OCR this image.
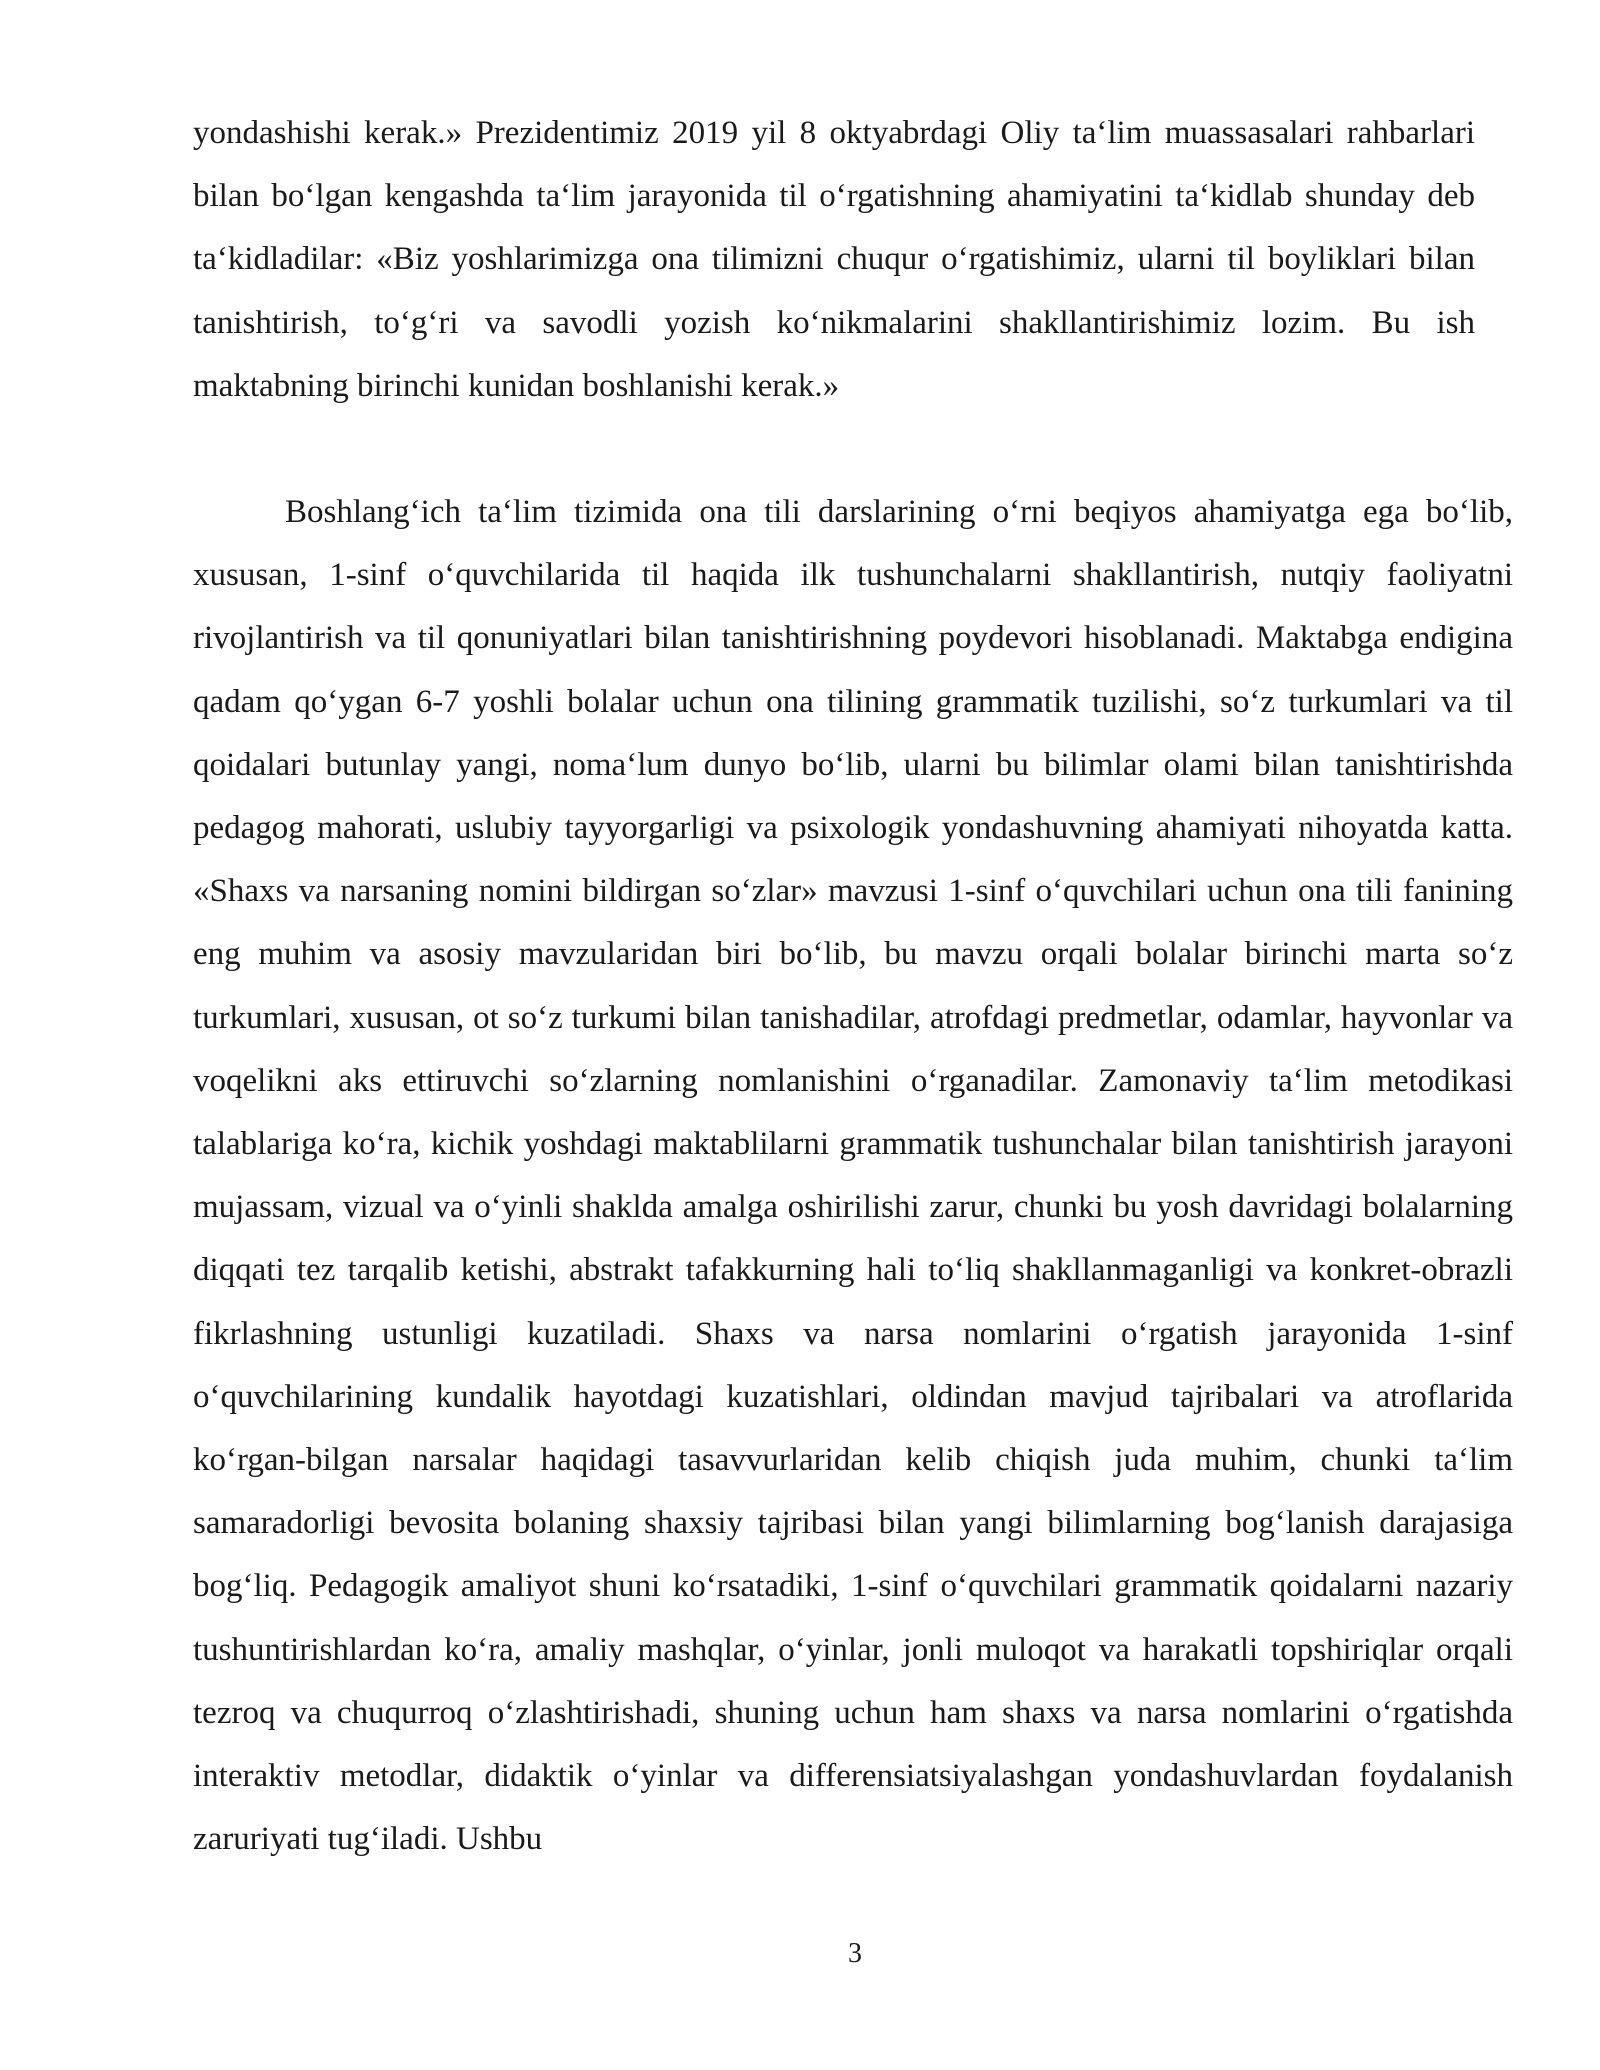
yondashishi kerak.» Prezidentimiz 2019 yil 8 oktyabrdagi Oliy ta‘lim muassasalari rahbarlari bilan bo‘lgan kengashda ta‘lim jarayonida til o‘rgatishning ahamiyatini ta‘kidlab shunday deb ta‘kidladilar: «Biz yoshlarimizga ona tilimizni chuqur o‘rgatishimiz, ularni til boyliklari bilan tanishtirish, to‘g‘ri va savodli yozish ko‘nikmalarini shakllantirishimiz lozim. Bu ish maktabning birinchi kunidan boshlanishi kerak.»

Boshlang‘ich ta‘lim tizimida ona tili darslarining o‘rni beqiyos ahamiyatga ega bo‘lib, xususan, 1-sinf o‘quvchilarida til haqida ilk tushunchalarni shakllantirish, nutqiy faoliyatni rivojlantirish va til qonuniyatlari bilan tanishtirishning poydevori hisoblanadi. Maktabga endigina qadam qo‘ygan 6-7 yoshli bolalar uchun ona tilining grammatik tuzilishi, so‘z turkumlari va til qoidalari butunlay yangi, noma‘lum dunyo bo‘lib, ularni bu bilimlar olami bilan tanishtirishda pedagog mahorati, uslubiy tayyorgarligi va psixologik yondashuvning ahamiyati nihoyatda katta. «Shaxs va narsaning nomini bildirgan so‘zlar» mavzusi 1-sinf o‘quvchilari uchun ona tili fanining eng muhim va asosiy mavzularidan biri bo‘lib, bu mavzu orqali bolalar birinchi marta so‘z turkumlari, xususan, ot so‘z turkumi bilan tanishadilar, atrofdagi predmetlar, odamlar, hayvonlar va voqelikni aks ettiruvchi so‘zlarning nomlanishini o‘rganadilar. Zamonaviy ta‘lim metodikasi talablariga ko‘ra, kichik yoshdagi maktablilarni grammatik tushunchalar bilan tanishtirish jarayoni mujassam, vizual va o‘yinli shaklda amalga oshirilishi zarur, chunki bu yosh davridagi bolalarning diqqati tez tarqalib ketishi, abstrakt tafakkurning hali to‘liq shakllanmaganligi va konkret-obrazli fikrlashning ustunligi kuzatiladi. Shaxs va narsa nomlarini o‘rgatish jarayonida 1-sinf o‘quvchilarining kundalik hayotdagi kuzatishlari, oldindan mavjud tajribalari va atroflarida ko‘rgan-bilgan narsalar haqidagi tasavvurlaridan kelib chiqish juda muhim, chunki ta‘lim samaradorligi bevosita bolaning shaxsiy tajribasi bilan yangi bilimlarning bog‘lanish darajasiga bog‘liq. Pedagogik amaliyot shuni ko‘rsatadiki, 1-sinf o‘quvchilari grammatik qoidalarni nazariy tushuntirishlardan ko‘ra, amaliy mashqlar, o‘yinlar, jonli muloqot va harakatli topshiriqlar orqali tezroq va chuqurroq o‘zlashtirishadi, shuning uchun ham shaxs va narsa nomlarini o‘rgatishda interaktiv metodlar, didaktik o‘yinlar va differensiatsiyalashgan yondashuvlardan foydalanish zaruriyati tug‘iladi. Ushbu

3
